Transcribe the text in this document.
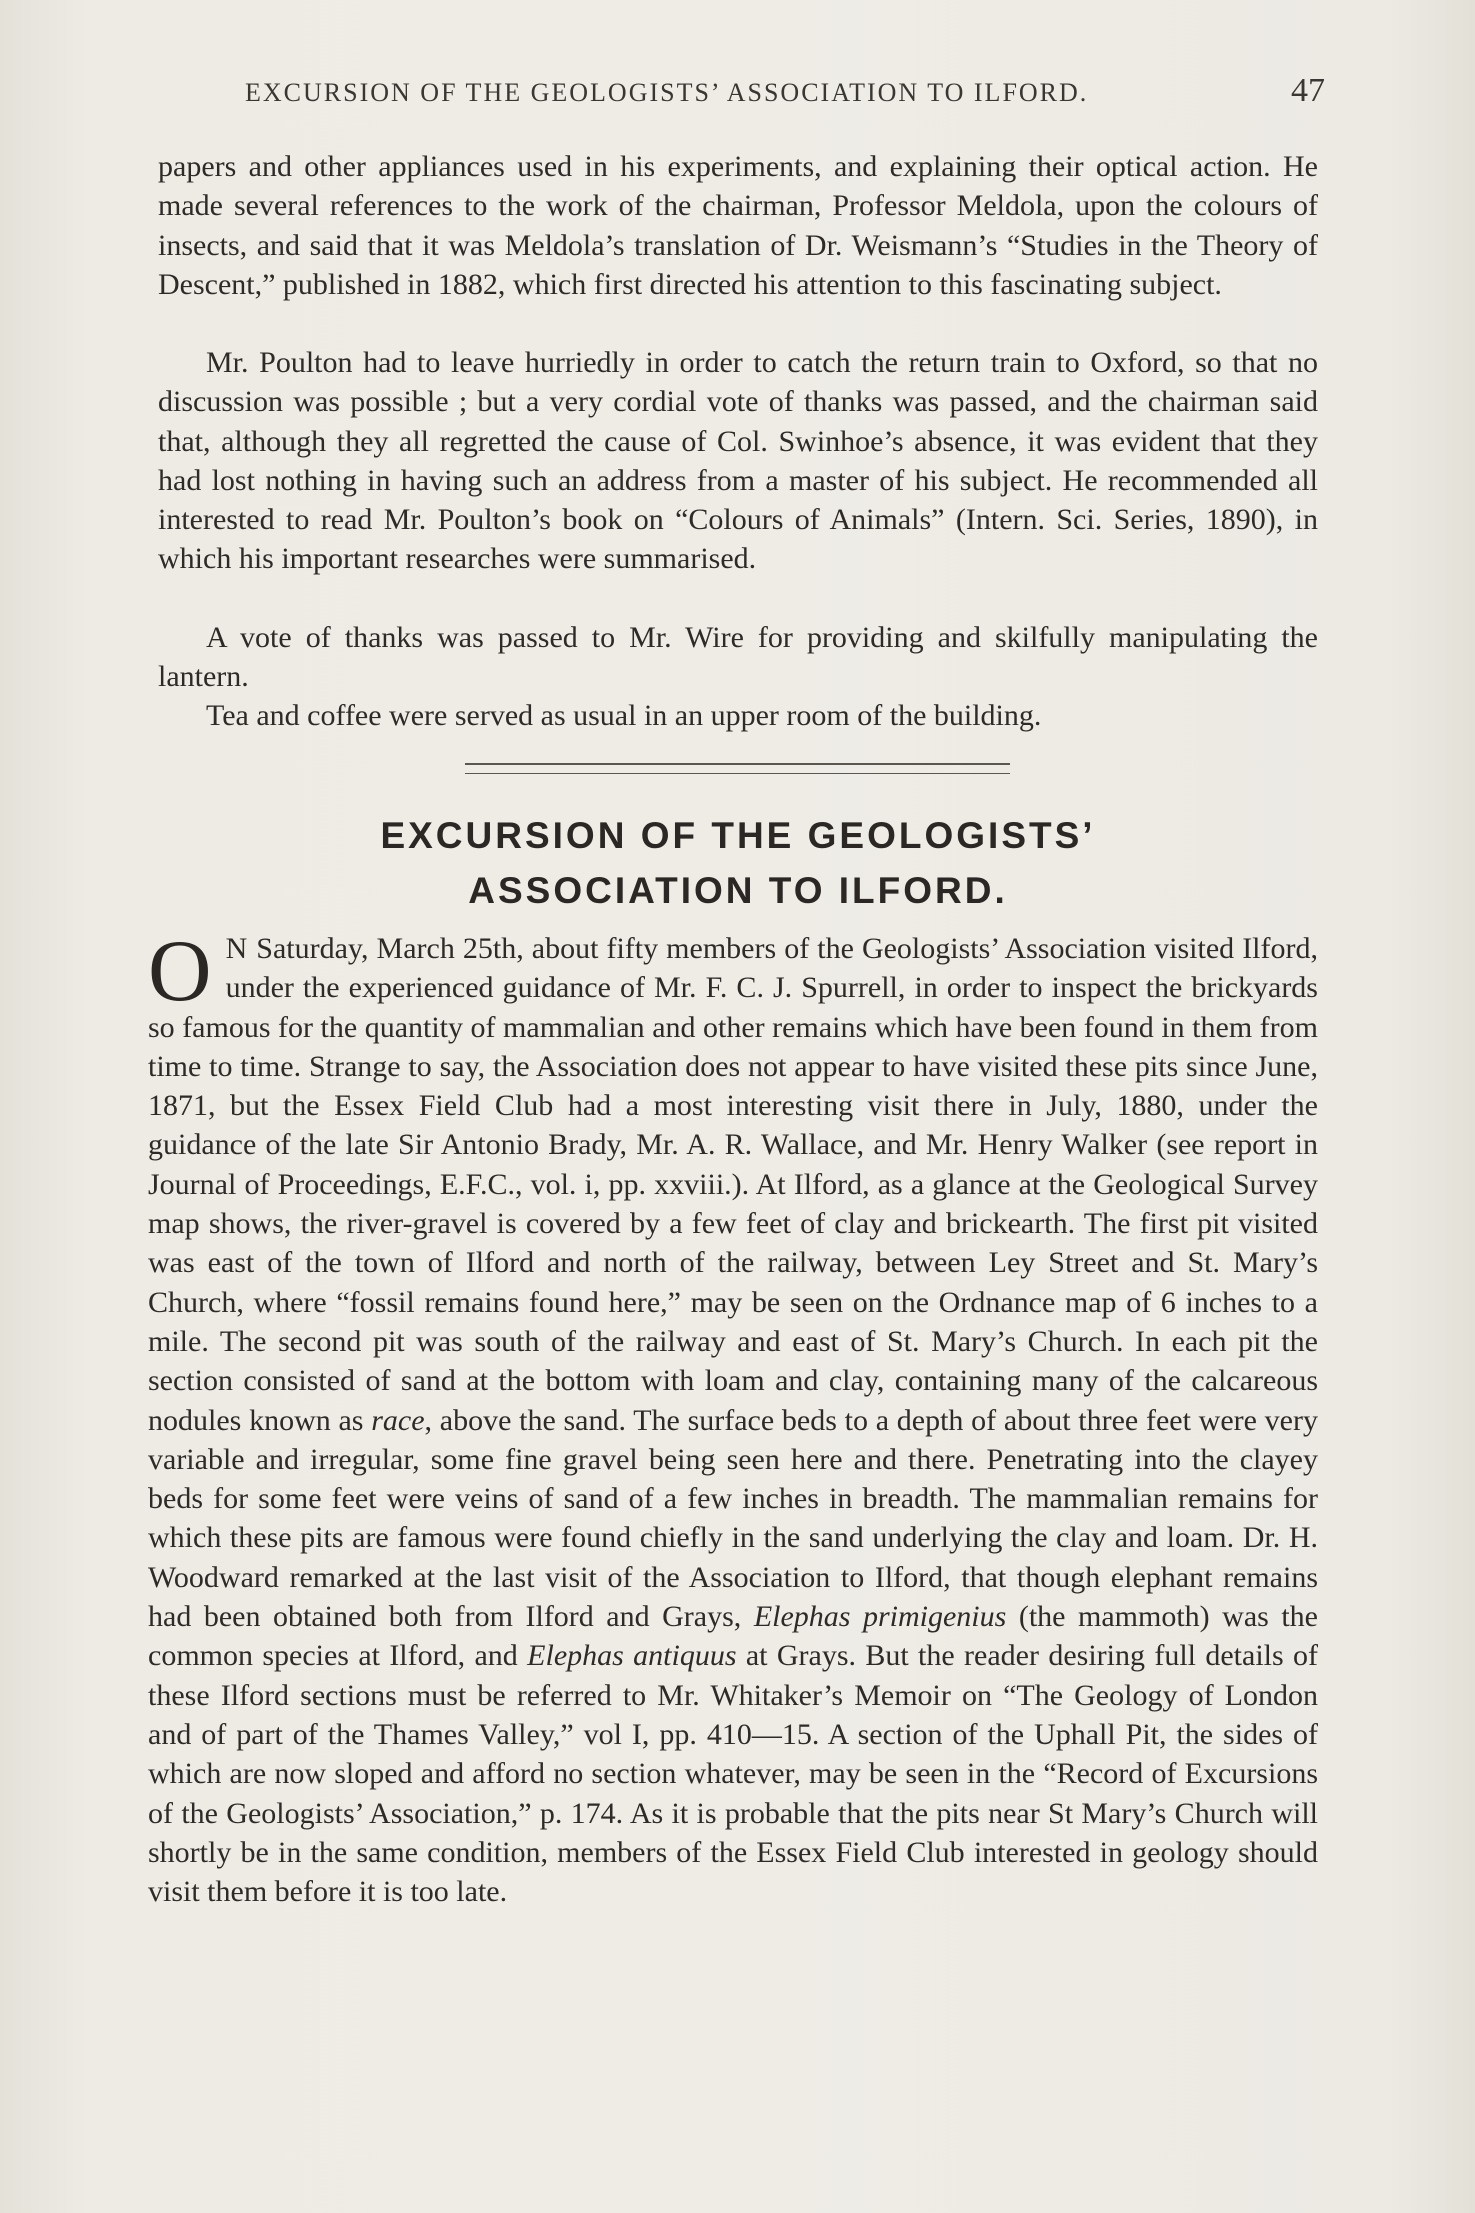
EXCURSION OF THE GEOLOGISTS’ ASSOCIATION TO ILFORD.	47

papers and other appliances used in his experiments, and explaining their optical action. He made several references to the work of the chairman, Professor Meldola, upon the colours of insects, and said that it was Meldola’s translation of Dr. Weismann’s “Studies in the Theory of Descent,” published in 1882, which first directed his attention to this fascinating subject.

Mr. Poulton had to leave hurriedly in order to catch the return train to Oxford, so that no discussion was possible ; but a very cordial vote of thanks was passed, and the chairman said that, although they all regretted the cause of Col. Swinhoe’s absence, it was evident that they had lost nothing in having such an address from a master of his subject. He recommended all interested to read Mr. Poulton’s book on “Colours of Animals” (Intern. Sci. Series, 1890), in which his important researches were summarised.

A vote of thanks was passed to Mr. Wire for providing and skilfully manipulating the lantern.

Tea and coffee were served as usual in an upper room of the building.

EXCURSION OF THE GEOLOGISTS’
ASSOCIATION TO ILFORD.

O N Saturday, March 25th, about fifty members of the Geologists’ Association visited Ilford, under the experienced guidance of Mr. F. C. J. Spurrell, in order to inspect the brickyards so famous for the quantity of mammalian and other remains which have been found in them from time to time. Strange to say, the Association does not appear to have visited these pits since June, 1871, but the Essex Field Club had a most interesting visit there in July, 1880, under the guidance of the late Sir Antonio Brady, Mr. A. R. Wallace, and Mr. Henry Walker (see report in Journal of Proceedings, E.F.C., vol. i, pp. xxviii.). At Ilford, as a glance at the Geological Survey map shows, the river-gravel is covered by a few feet of clay and brickearth. The first pit visited was east of the town of Ilford and north of the railway, between Ley Street and St. Mary’s Church, where “fossil remains found here,” may be seen on the Ordnance map of 6 inches to a mile. The second pit was south of the railway and east of St. Mary’s Church. In each pit the section consisted of sand at the bottom with loam and clay, containing many of the calcareous nodules known as race, above the sand. The surface beds to a depth of about three feet were very variable and irregular, some fine gravel being seen here and there. Penetrating into the clayey beds for some feet were veins of sand of a few inches in breadth. The mammalian remains for which these pits are famous were found chiefly in the sand underlying the clay and loam. Dr. H. Woodward remarked at the last visit of the Association to Ilford, that though elephant remains had been obtained both from Ilford and Grays, Elephas primigenius (the mammoth) was the common species at Ilford, and Elephas antiquus at Grays. But the reader desiring full details of these Ilford sections must be referred to Mr. Whitaker’s Memoir on “The Geology of London and of part of the Thames Valley,” vol I, pp. 410—15. A section of the Uphall Pit, the sides of which are now sloped and afford no section whatever, may be seen in the “Record of Excursions of the Geologists’ Association,” p. 174. As it is probable that the pits near St Mary’s Church will shortly be in the same condition, members of the Essex Field Club interested in geology should visit them before it is too late.
